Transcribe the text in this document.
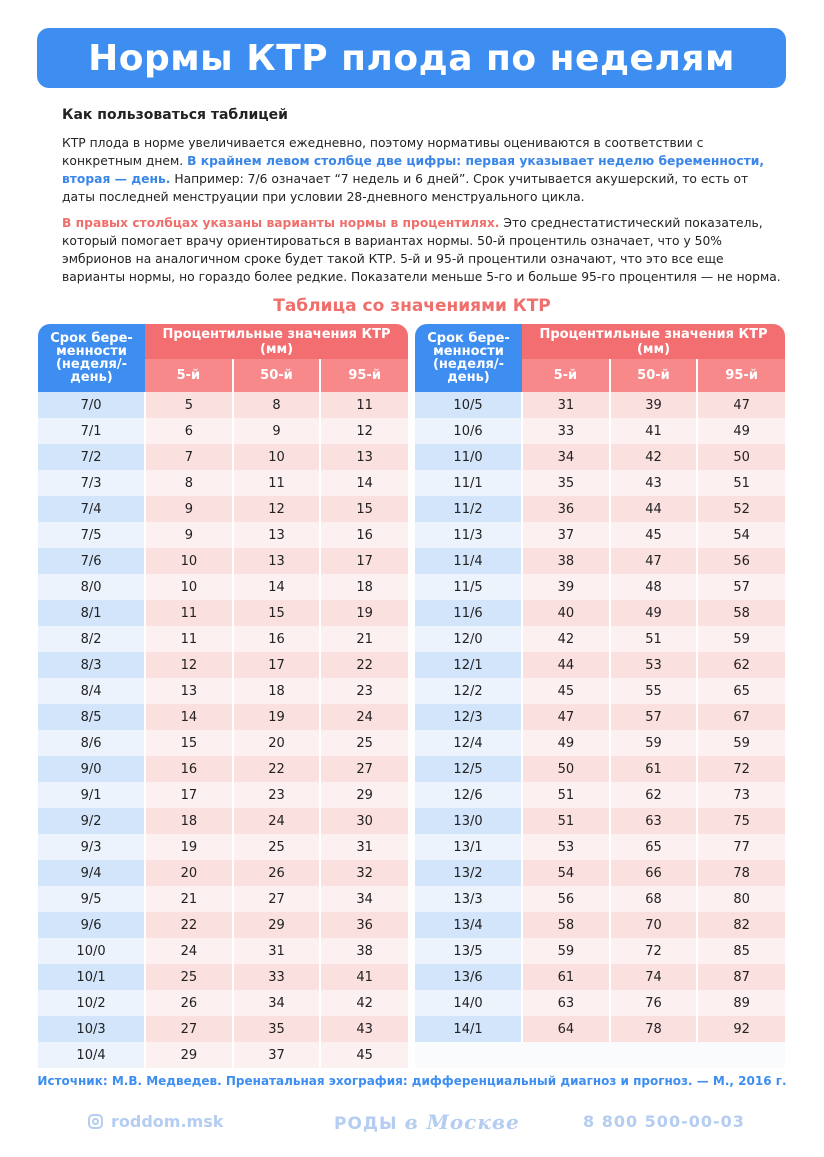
Нормы КТР плода по неделям
Как пользоваться таблицей

КТР плода в норме увеличивается ежедневно, поэтому нормативы оцениваются в соответствии с конкретным днем. В крайнем левом столбце две цифры: первая указывает неделю беременности, вторая — день. Например: 7/6 означает “7 недель и 6 дней”. Срок учитывается акушерский, то есть от даты последней менструации при условии 28-дневного менструального цикла.

В правых столбцах указаны варианты нормы в процентилях. Это среднестатистический показатель, который помогает врачу ориентироваться в вариантах нормы. 50-й процентиль означает, что у 50% эмбрионов на аналогичном сроке будет такой КТР. 5-й и 95-й процентили означают, что это все еще варианты нормы, но гораздо более редкие. Показатели меньше 5-го и больше 95-го процентиля — не норма.

Таблица со значениями КТР
Срок бере-менности (неделя/-день)	Процентильные значения КТР (мм)		
	5-й	50-й	95-й
7/0	5	8	11
7/1	6	9	12
7/2	7	10	13
7/3	8	11	14
7/4	9	12	15
7/5	9	13	16
7/6	10	13	17
8/0	10	14	18
8/1	11	15	19
8/2	11	16	21
8/3	12	17	22
8/4	13	18	23
8/5	14	19	24
8/6	15	20	25
9/0	16	22	27
9/1	17	23	29
9/2	18	24	30
9/3	19	25	31
9/4	20	26	32
9/5	21	27	34
9/6	22	29	36
10/0	24	31	38
10/1	25	33	41
10/2	26	34	42
10/3	27	35	43
10/4	29	37	45
Срок бере-менности (неделя/-день)	Процентильные значения КТР (мм)		
	5-й	50-й	95-й
10/5	31	39	47
10/6	33	41	49
11/0	34	42	50
11/1	35	43	51
11/2	36	44	52
11/3	37	45	54
11/4	38	47	56
11/5	39	48	57
11/6	40	49	58
12/0	42	51	59
12/1	44	53	62
12/2	45	55	65
12/3	47	57	67
12/4	49	59	59
12/5	50	61	72
12/6	51	62	73
13/0	51	63	75
13/1	53	65	77
13/2	54	66	78
13/3	56	68	80
13/4	58	70	82
13/5	59	72	85
13/6	61	74	87
14/0	63	76	89
14/1	64	78	92

Источник: М.В. Медведев. Пренатальная эхография: дифференциальный диагноз и прогноз. — М., 2016 г.
roddom.msk	РОДЫ в Москве	8 800 500-00-03
